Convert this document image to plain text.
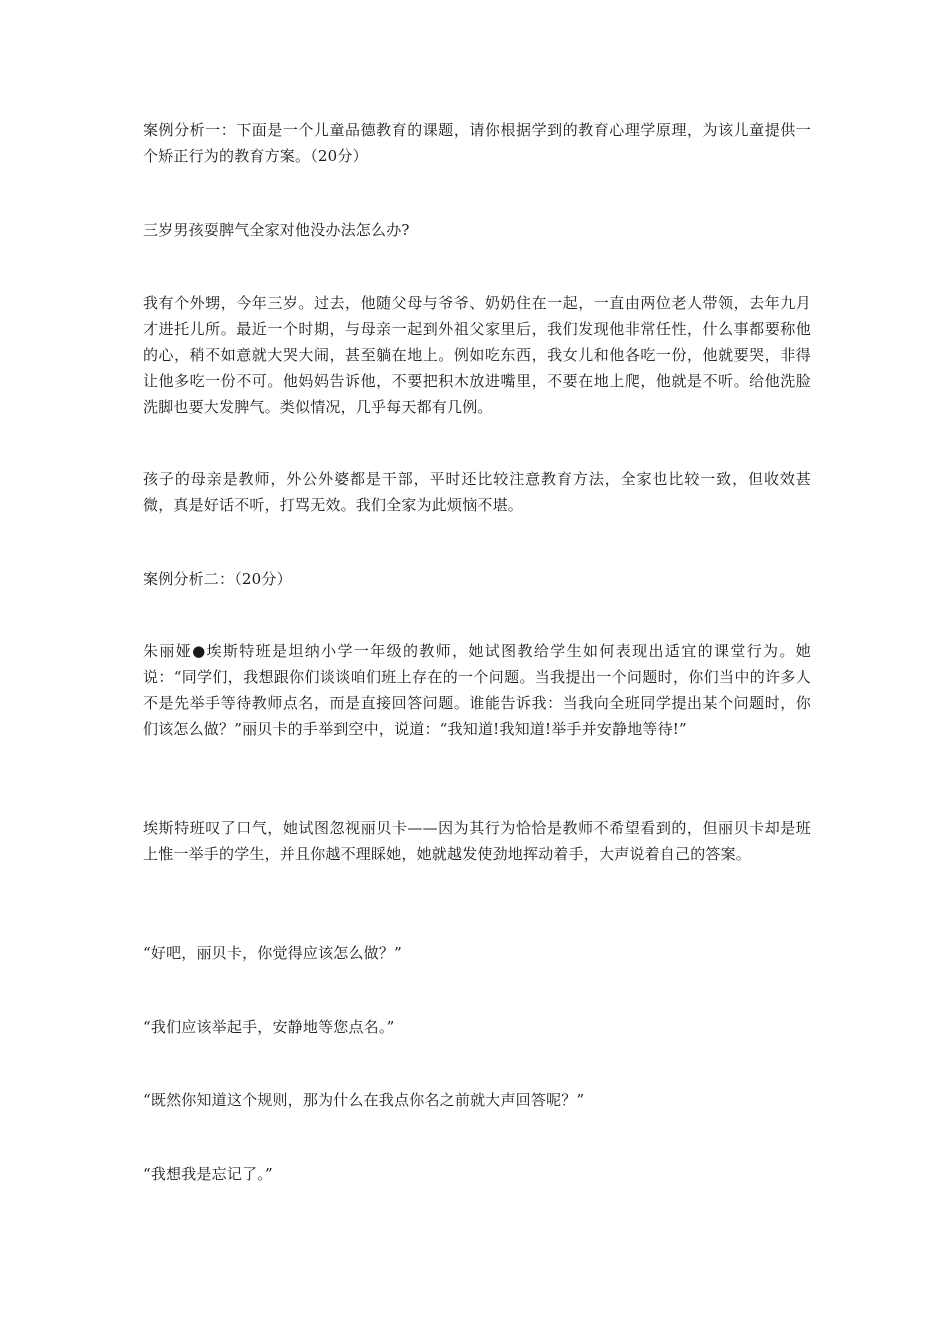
案例分析一：下面是一个儿童品德教育的课题，请你根据学到的教育心理学原理，为该儿童提供一个矫正行为的教育方案。（20分）

三岁男孩耍脾气全家对他没办法怎么办?

我有个外甥，今年三岁。过去，他随父母与爷爷、奶奶住在一起，一直由两位老人带领，去年九月才进托儿所。最近一个时期，与母亲一起到外祖父家里后，我们发现他非常任性，什么事都要称他的心，稍不如意就大哭大闹，甚至躺在地上。例如吃东西，我女儿和他各吃一份，他就要哭，非得让他多吃一份不可。他妈妈告诉他，不要把积木放进嘴里，不要在地上爬，他就是不听。给他洗脸洗脚也要大发脾气。类似情况，几乎每天都有几例。

孩子的母亲是教师，外公外婆都是干部，平时还比较注意教育方法，全家也比较一致，但收效甚微，真是好话不听，打骂无效。我们全家为此烦恼不堪。

案例分析二：（20分）

朱丽娅●埃斯特班是坦纳小学一年级的教师，她试图教给学生如何表现出适宜的课堂行为。她说：“同学们，我想跟你们谈谈咱们班上存在的一个问题。当我提出一个问题时，你们当中的许多人不是先举手等待教师点名，而是直接回答问题。谁能告诉我：当我向全班同学提出某个问题时，你们该怎么做？”丽贝卡的手举到空中，说道：“我知道!我知道!举手并安静地等待!”

埃斯特班叹了口气，她试图忽视丽贝卡——因为其行为恰恰是教师不希望看到的，但丽贝卡却是班上惟一举手的学生，并且你越不理睬她，她就越发使劲地挥动着手，大声说着自己的答案。

“好吧，丽贝卡，你觉得应该怎么做？”

“我们应该举起手，安静地等您点名。”

“既然你知道这个规则，那为什么在我点你名之前就大声回答呢？”

“我想我是忘记了。”
